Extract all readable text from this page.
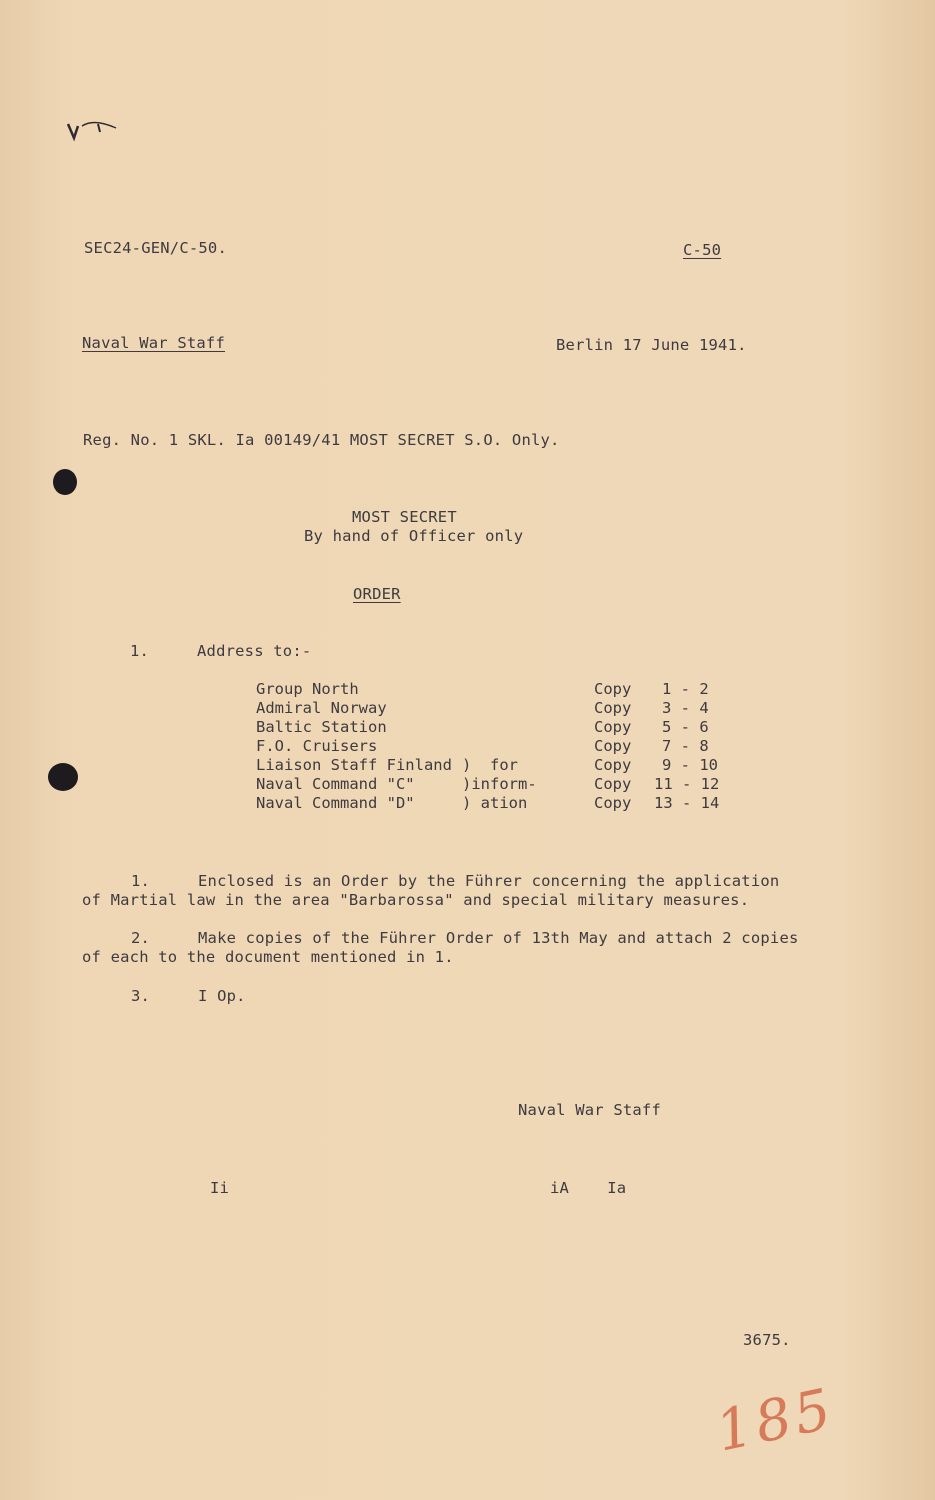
SEC24-GEN/C-50.	C-50
Naval War Staff	Berlin 17 June 1941.
Reg. No. 1 SKL. Ia 00149/41 MOST SECRET S.O. Only.
MOST SECRET
By hand of Officer only
ORDER
1.	Address to:-
Group North	Copy 1 - 2
Admiral Norway	Copy 3 - 4
Baltic Station	Copy 5 - 6
F.O. Cruisers	Copy 7 - 8
Liaison Staff Finland )  for	Copy 9 - 10
Naval Command "C"	)inform-	Copy 11 - 12
Naval Command "D"	) ation	Copy 13 - 14
1.	Enclosed is an Order by the Führer concerning the application
of Martial law in the area "Barbarossa" and special military measures.
2.	Make copies of the Führer Order of 13th May and attach 2 copies
of each to the document mentioned in 1.
3.	I Op.
Naval War Staff
Ii	iA    Ia
3675.
185
